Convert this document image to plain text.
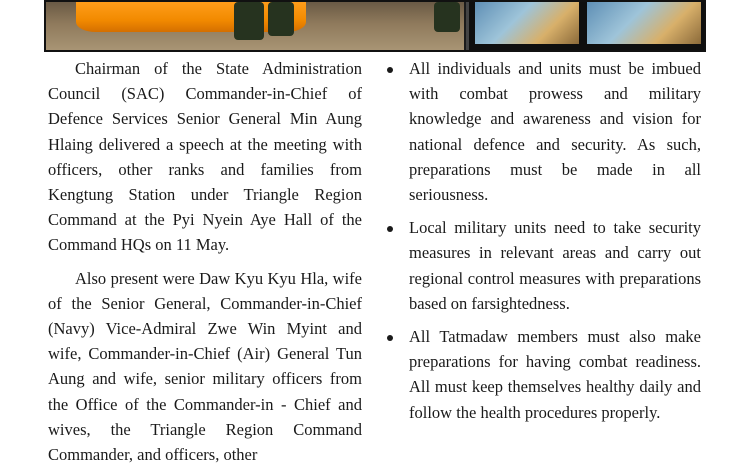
Chairman of the State Administration Council (SAC) Commander-in-Chief of Defence Services Senior General Min Aung Hlaing delivered a speech at the meeting with officers, other ranks and families from Kengtung Station under Triangle Region Command at the Pyi Nyein Aye Hall of the Command HQs on 11 May.

Also present were Daw Kyu Kyu Hla, wife of the Senior General, Commander-in-Chief (Navy) Vice-Admiral Zwe Win Myint and wife, Commander-in-Chief (Air) General Tun Aung and wife, senior military officers from the Office of the Commander-in - Chief and wives, the Triangle Region Command Commander, and officers, other

All individuals and units must be imbued with combat prowess and military knowledge and awareness and vision for national defence and security. As such, preparations must be made in all seriousness.
Local military units need to take security measures in relevant areas and carry out regional control measures with preparations based on farsightedness.
All Tatmadaw members must also make preparations for having combat readiness. All must keep themselves healthy daily and follow the health procedures properly.
